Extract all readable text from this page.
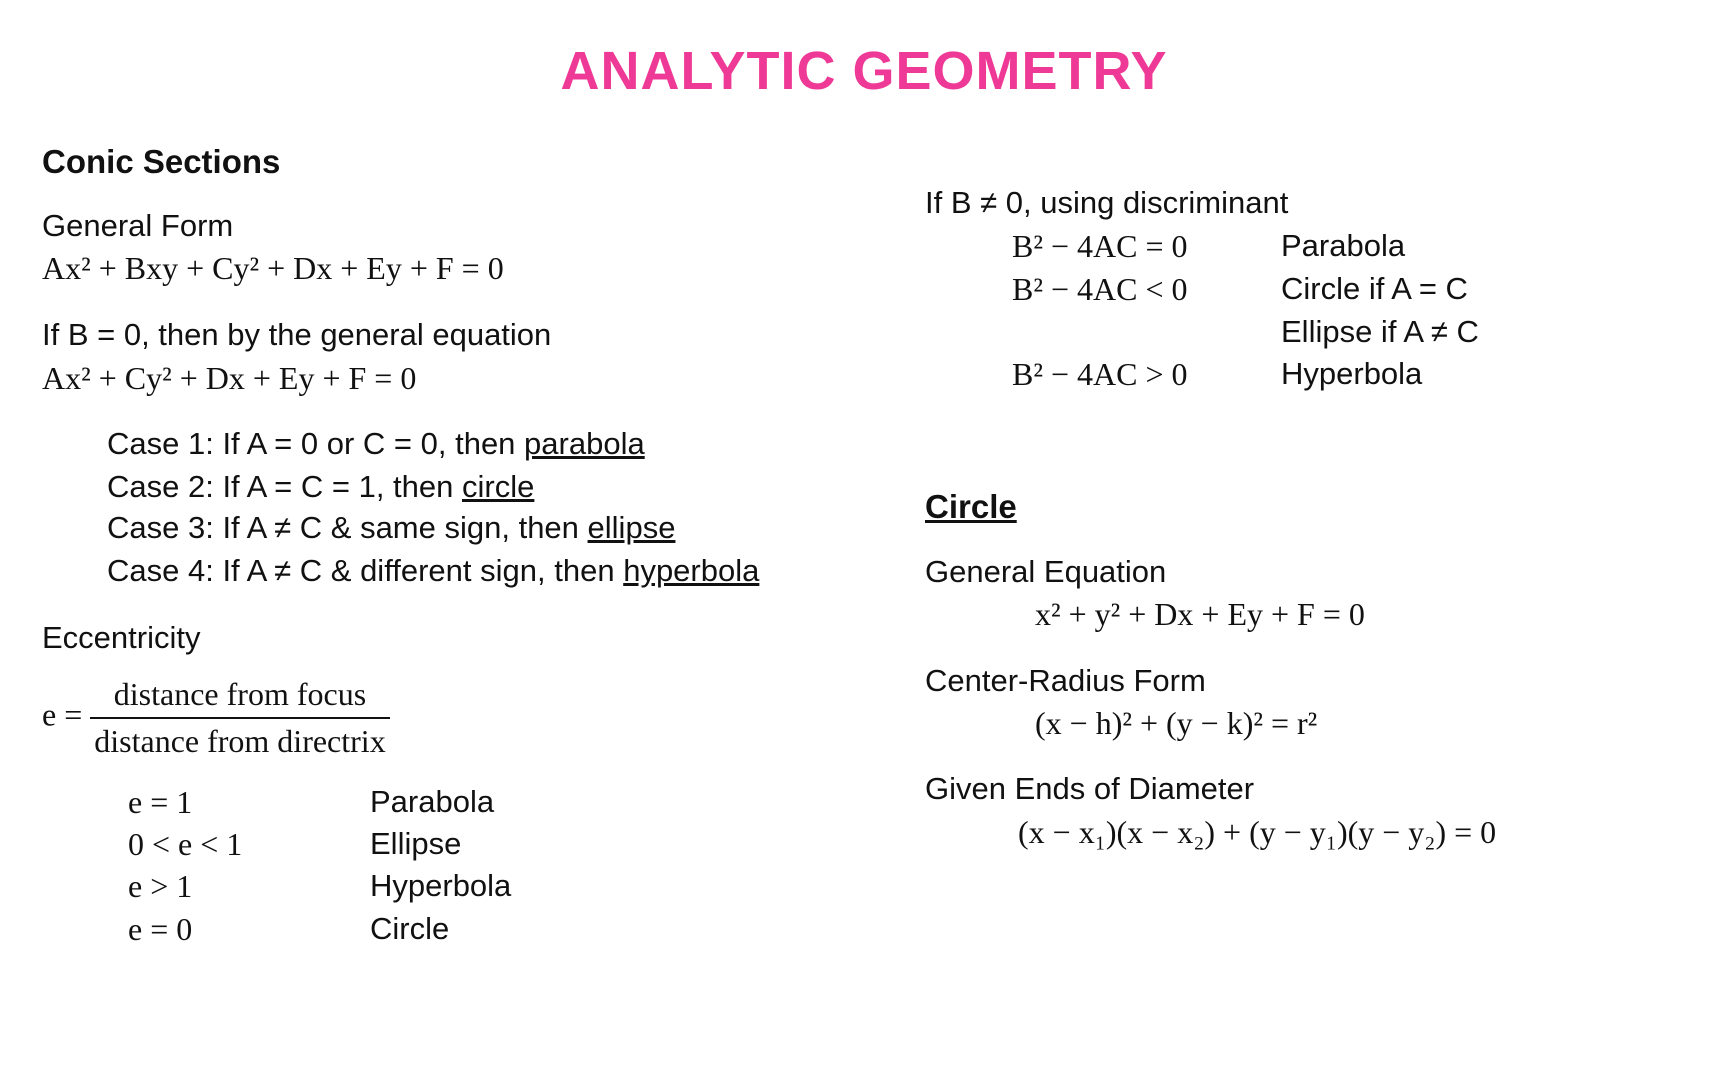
ANALYTIC GEOMETRY
Conic Sections
General Form
Ax² + Bxy + Cy² + Dx + Ey + F = 0
If B = 0, then by the general equation
Ax² + Cy² + Dx + Ey + F = 0
Case 1: If A = 0 or C = 0, then parabola
Case 2: If A = C = 1, then circle
Case 3: If A ≠ C & same sign, then ellipse
Case 4: If A ≠ C & different sign, then hyperbola
Eccentricity
$e = \frac{\text{distance from focus}}{\text{distance from directrix}}$
e = 1	Parabola
0 < e < 1	Ellipse
e > 1	Hyperbola
e = 0	Circle
If B ≠ 0, using discriminant
B² − 4AC = 0	Parabola
B² − 4AC < 0	Circle if A = C
Ellipse if A ≠ C
B² − 4AC > 0	Hyperbola
Circle
General Equation
x² + y² + Dx + Ey + F = 0
Center-Radius Form
(x − h)² + (y − k)² = r²
Given Ends of Diameter
(x − x₁)(x − x₂) + (y − y₁)(y − y₂) = 0
